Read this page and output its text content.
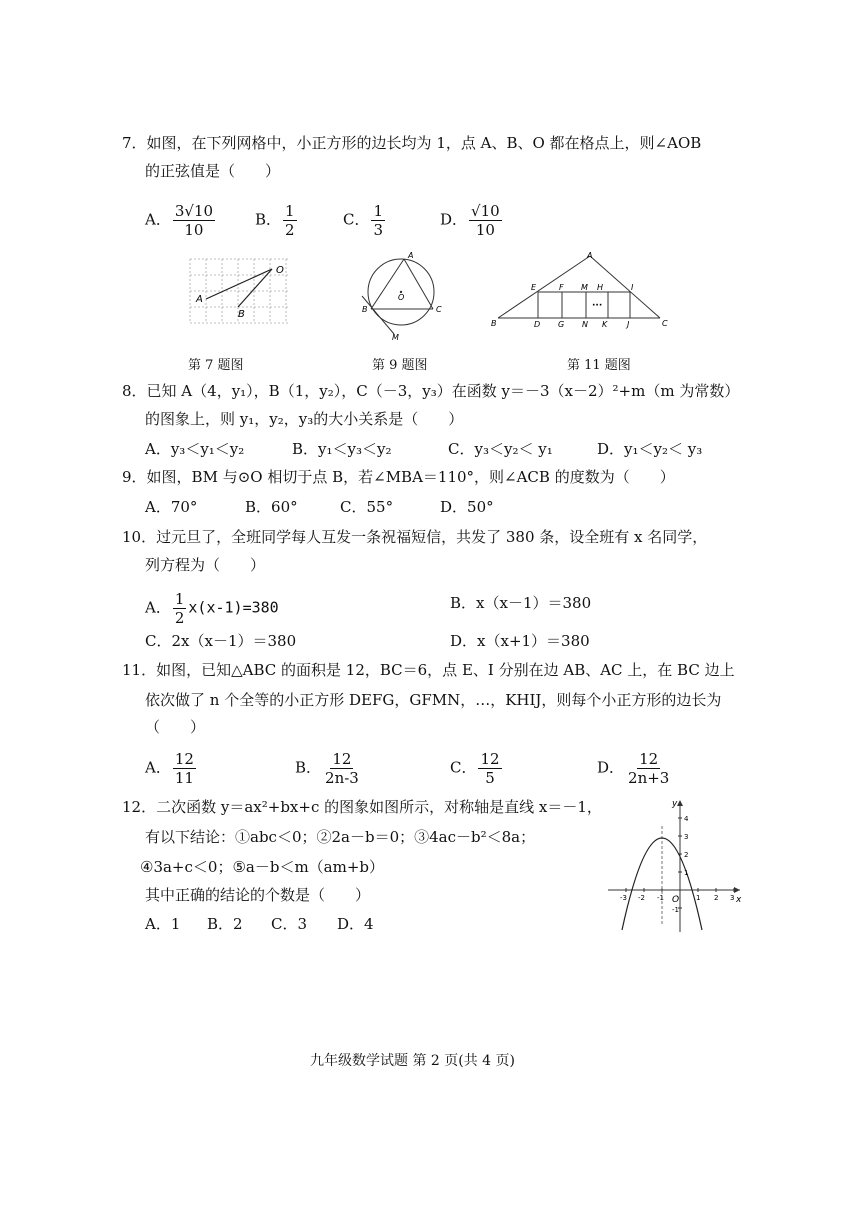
7．如图，在下列网格中，小正方形的边长均为 1，点 A、B、O 都在格点上，则∠AOB
的正弦值是（　　）
A． $\frac{3√10}{10}$	B． $\frac{1}{2}$	C． $\frac{1}{3}$	D． $\frac{√10}{10}$
O
A
B
A
O
B	C
M
···
A
B	C
E	F M H	I
D G N K J
第 7 题图	第 9 题图	第 11 题图
8．已知 A（4，y₁），B（1，y₂），C（－3，y₃）在函数 y＝－3（x－2）²+m（m 为常数）
的图象上，则 y₁，y₂，y₃的大小关系是（　　）
A．y₃＜y₁＜y₂	B．y₁＜y₃＜y₂	C．y₃＜y₂＜ y₁	D．y₁＜y₂＜ y₃
9．如图，BM 与⊙O 相切于点 B，若∠MBA＝110°，则∠ACB 的度数为（　　）
A．70°	B．60°	C．55°	D．50°
10．过元旦了，全班同学每人互发一条祝福短信，共发了 380 条，设全班有 x 名同学，
列方程为（　　）
A． $\frac{1}{2} x(x-1)=380$	B．x（x－1）＝380
C．2x（x－1）＝380	D．x（x+1）＝380
11．如图，已知△ABC 的面积是 12，BC＝6，点 E、I 分别在边 AB、AC 上，在 BC 边上
依次做了 n 个全等的小正方形 DEFG，GFMN，…，KHIJ，则每个小正方形的边长为
（　　）
A． $\frac{12}{11}$	B． $\frac{12}{2n-3}$	C． $\frac{12}{5}$	D． $\frac{12}{2n+3}$
12．二次函数 y＝ax²+bx+c 的图象如图所示，对称轴是直线 x＝－1，
有以下结论：①abc＜0；②2a－b＝0；③4ac－b²＜8a；
④3a+c＜0；⑤a－b＜m（am+b）
其中正确的结论的个数是（　　）
A．1 B．2 C．3 D．4
y
x
O
4
3
2
1
-1
-3 -2 -1	1 2 3
九年级数学试题 第 2 页(共 4 页)
